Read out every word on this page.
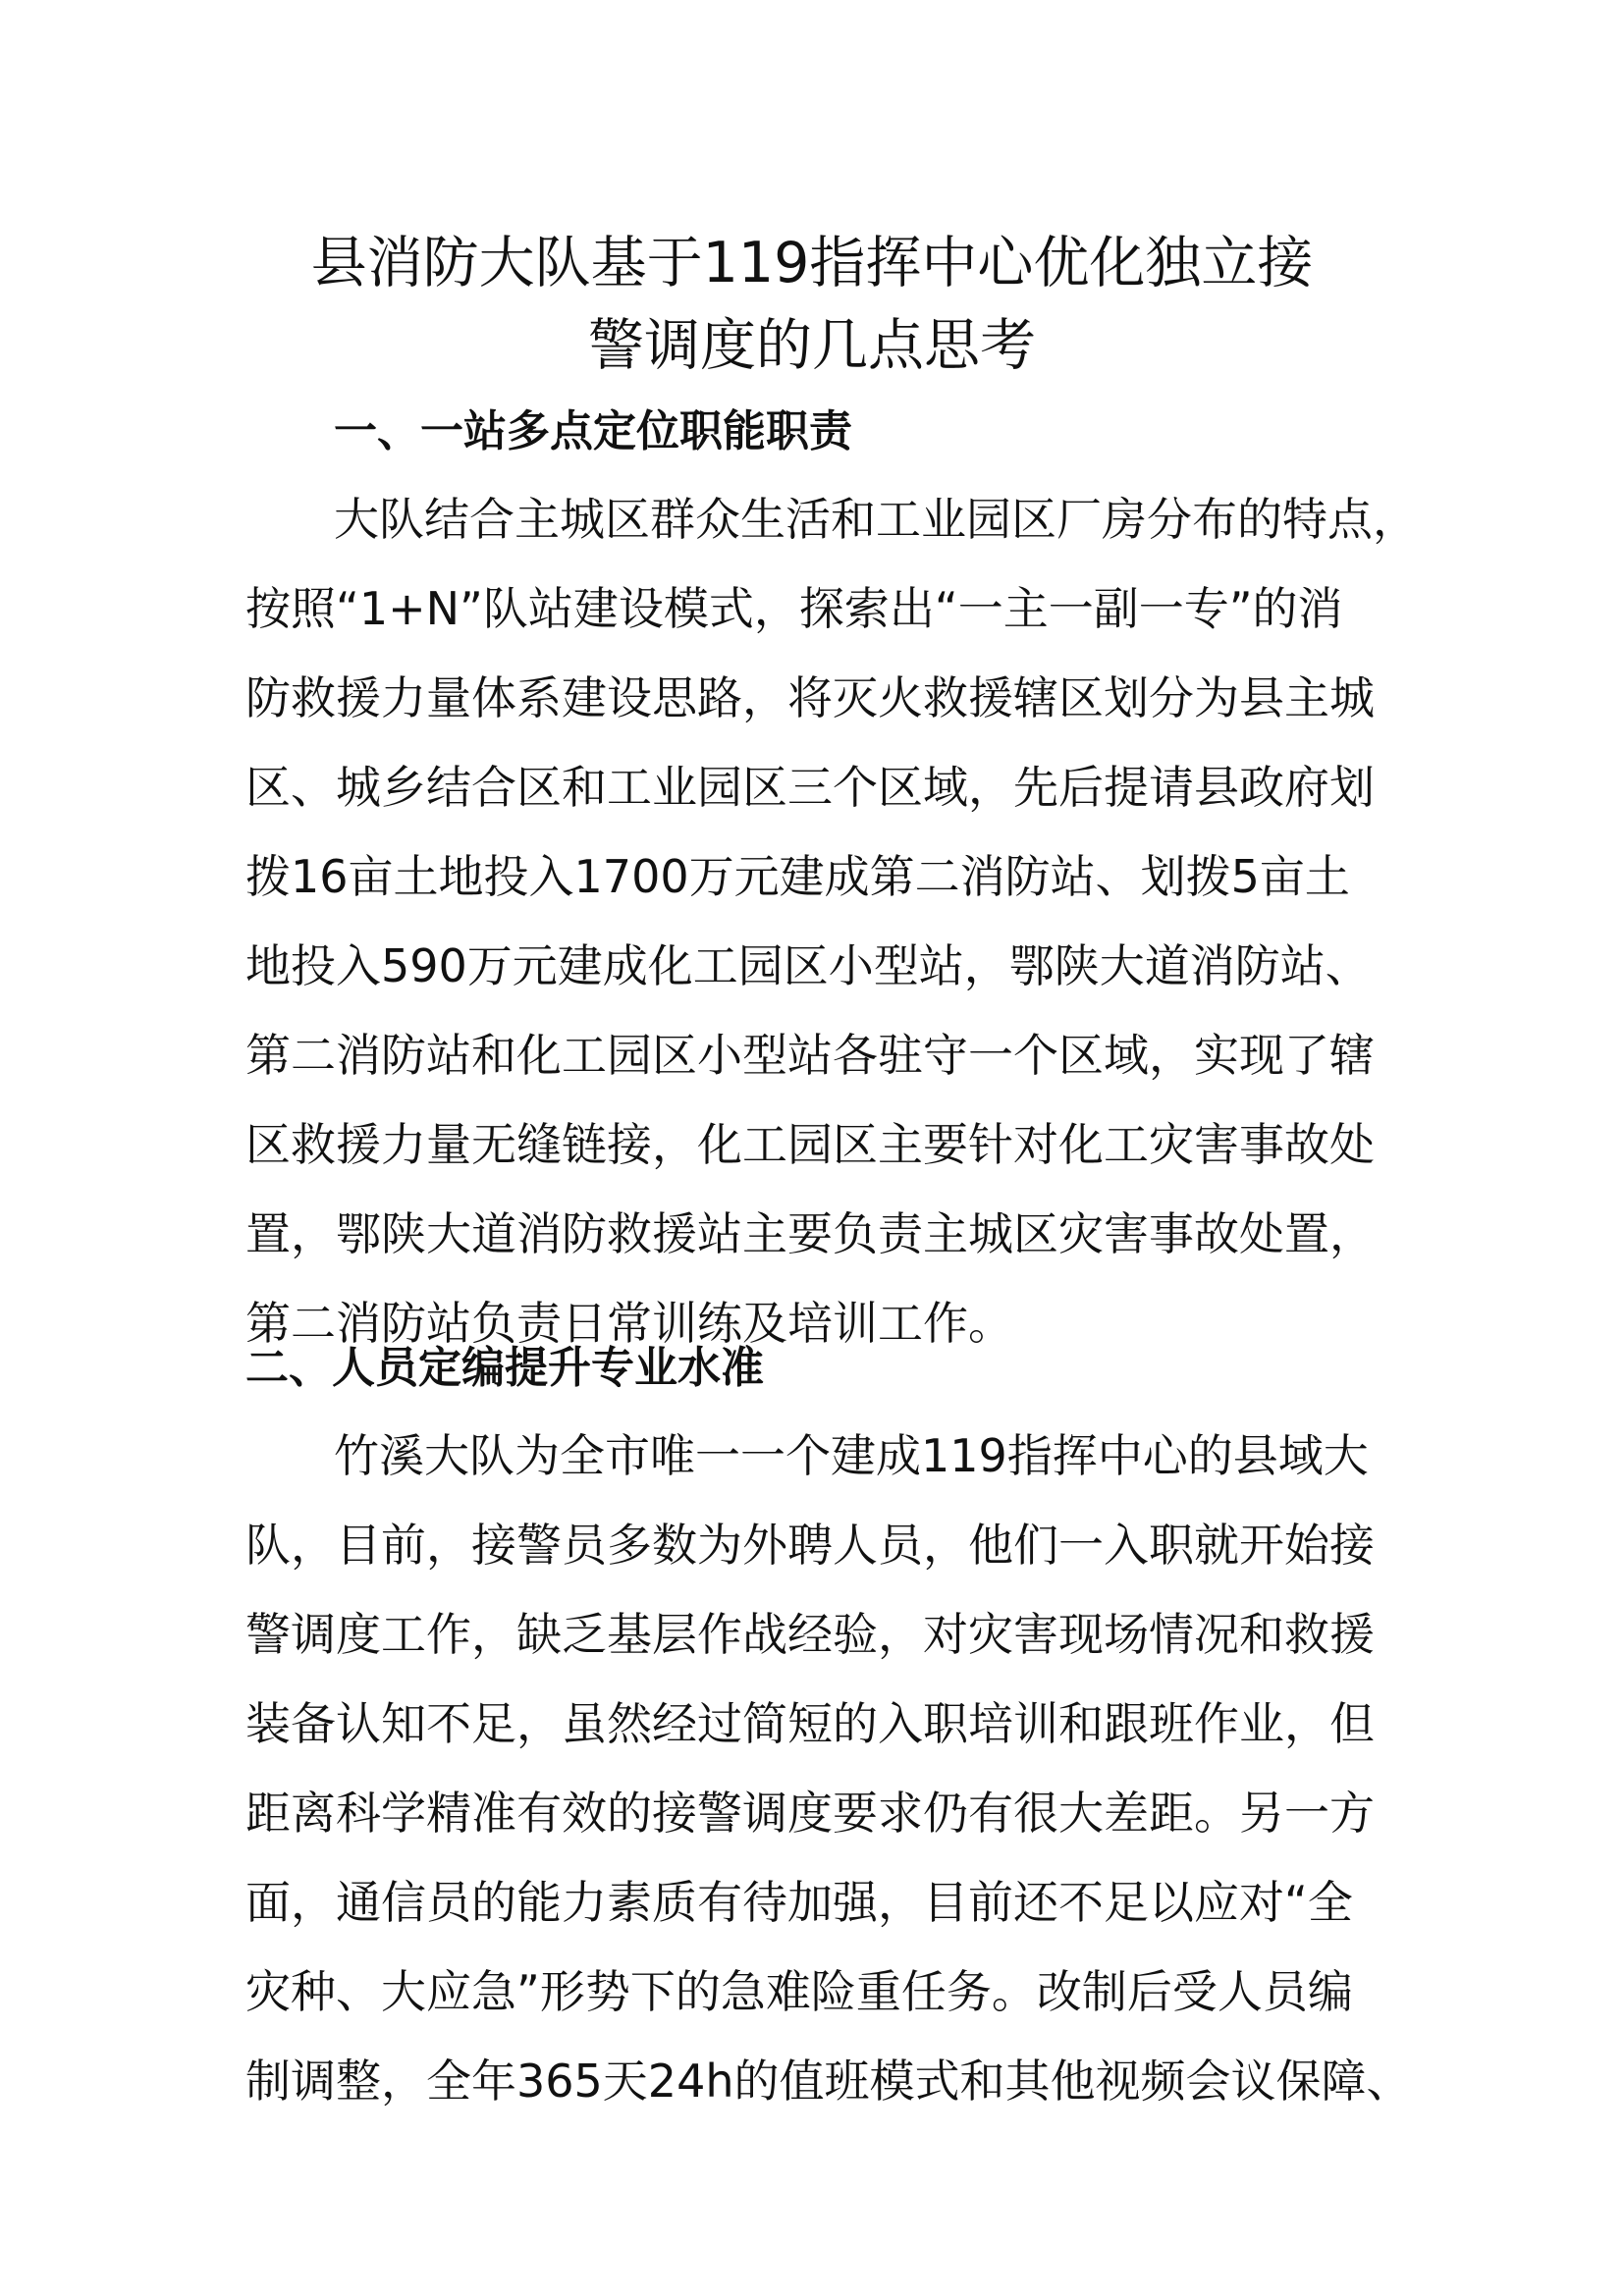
县消防大队基于119指挥中心优化独立接
警调度的几点思考
一、一站多点定位职能职责

大队结合主城区群众生活和工业园区厂房分布的特点，
按照“1+N”队站建设模式，探索出“一主一副一专”的消
防救援力量体系建设思路，将灭火救援辖区划分为县主城
区、城乡结合区和工业园区三个区域，先后提请县政府划
拨16亩土地投入1700万元建成第二消防站、划拨5亩土
地投入590万元建成化工园区小型站，鄂陕大道消防站、
第二消防站和化工园区小型站各驻守一个区域，实现了辖
区救援力量无缝链接，化工园区主要针对化工灾害事故处
置，鄂陕大道消防救援站主要负责主城区灾害事故处置，
第二消防站负责日常训练及培训工作。

二、人员定编提升专业水准

竹溪大队为全市唯一一个建成119指挥中心的县域大
队，目前，接警员多数为外聘人员，他们一入职就开始接
警调度工作，缺乏基层作战经验，对灾害现场情况和救援
装备认知不足，虽然经过简短的入职培训和跟班作业，但
距离科学精准有效的接警调度要求仍有很大差距。另一方
面，通信员的能力素质有待加强，目前还不足以应对“全
灾种、大应急”形势下的急难险重任务。改制后受人员编
制调整，全年365天24h的值班模式和其他视频会议保障、
